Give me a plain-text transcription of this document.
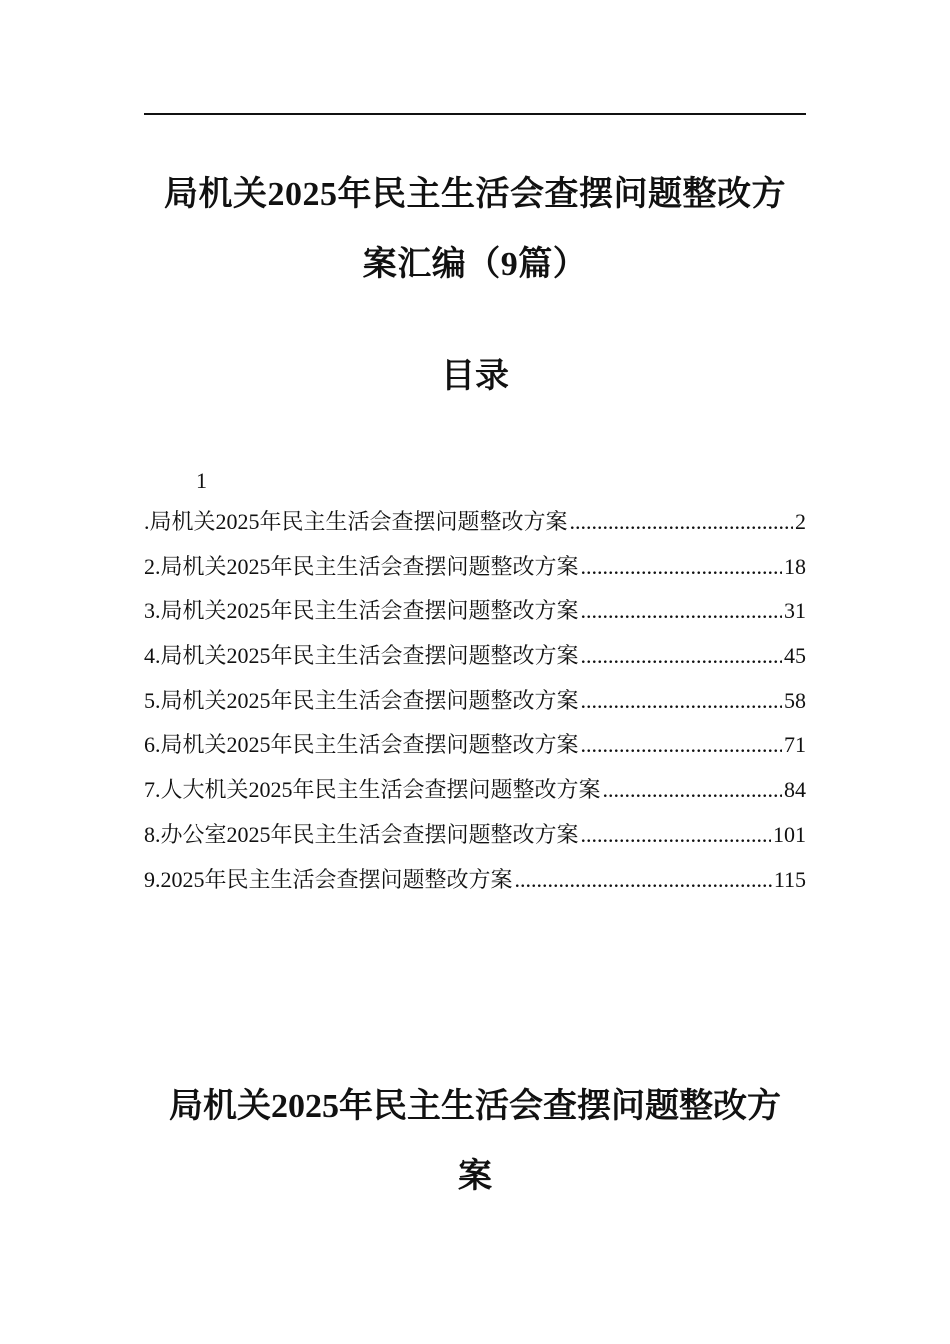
局机关2025年民主生活会查摆问题整改方
案汇编（9篇）
目录
1
.局机关2025年民主生活会查摆问题整改方案 .....	2
2.局机关2025年民主生活会查摆问题整改方案 .....	18
3.局机关2025年民主生活会查摆问题整改方案 .....	31
4.局机关2025年民主生活会查摆问题整改方案 .....	45
5.局机关2025年民主生活会查摆问题整改方案 .....	58
6.局机关2025年民主生活会查摆问题整改方案 .....	71
7.人大机关2025年民主生活会查摆问题整改方案 .....	84
8.办公室2025年民主生活会查摆问题整改方案 .....	101
9.2025年民主生活会查摆问题整改方案 .....	115
局机关2025年民主生活会查摆问题整改方
案
